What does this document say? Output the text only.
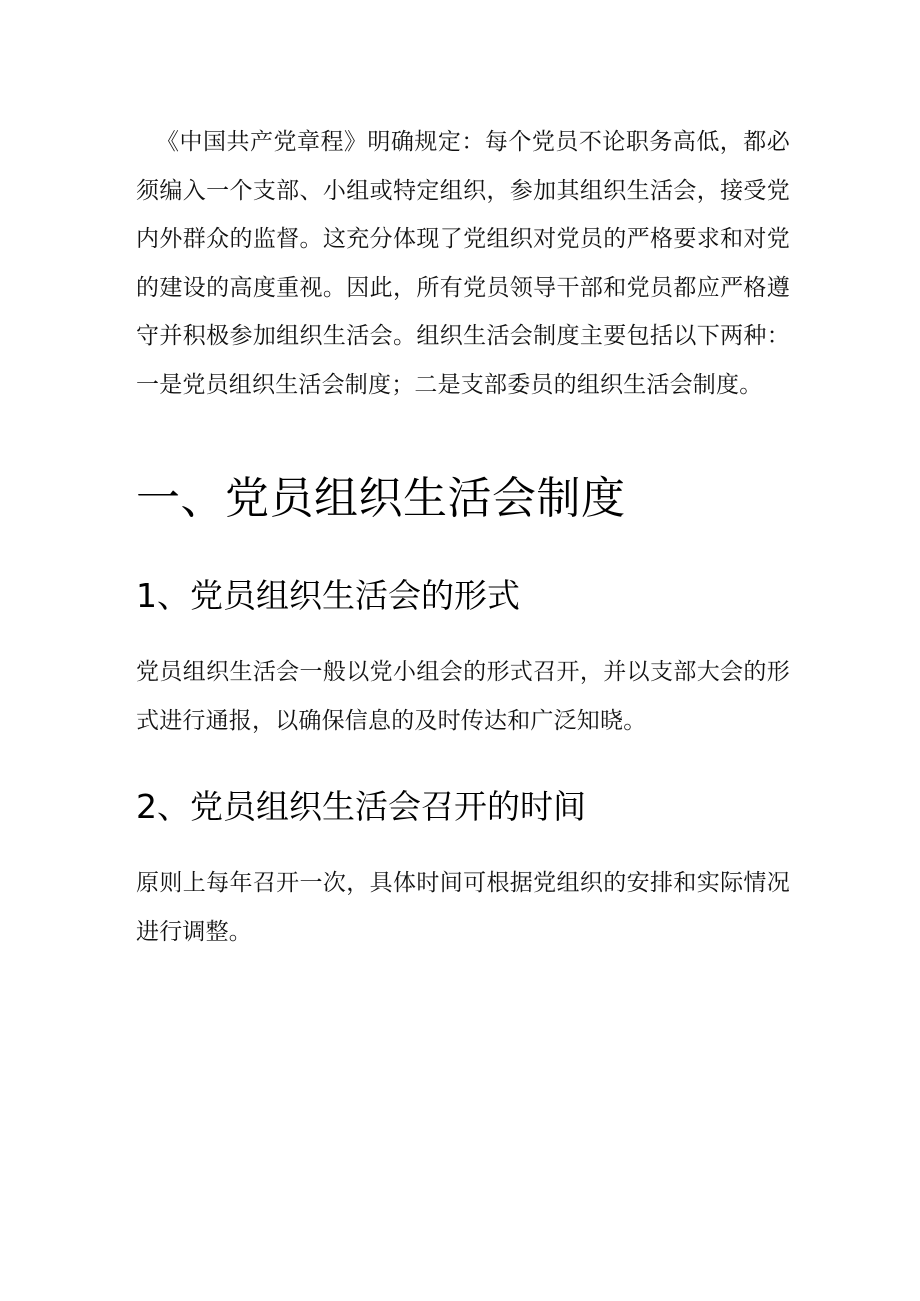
《中国共产党章程》明确规定：每个党员不论职务高低，都必须编入一个支部、小组或特定组织，参加其组织生活会，接受党内外群众的监督。这充分体现了党组织对党员的严格要求和对党的建设的高度重视。因此，所有党员领导干部和党员都应严格遵守并积极参加组织生活会。组织生活会制度主要包括以下两种：一是党员组织生活会制度；二是支部委员的组织生活会制度。

一、党员组织生活会制度
1、党员组织生活会的形式

党员组织生活会一般以党小组会的形式召开，并以支部大会的形式进行通报，以确保信息的及时传达和广泛知晓。

2、党员组织生活会召开的时间

原则上每年召开一次，具体时间可根据党组织的安排和实际情况进行调整。
